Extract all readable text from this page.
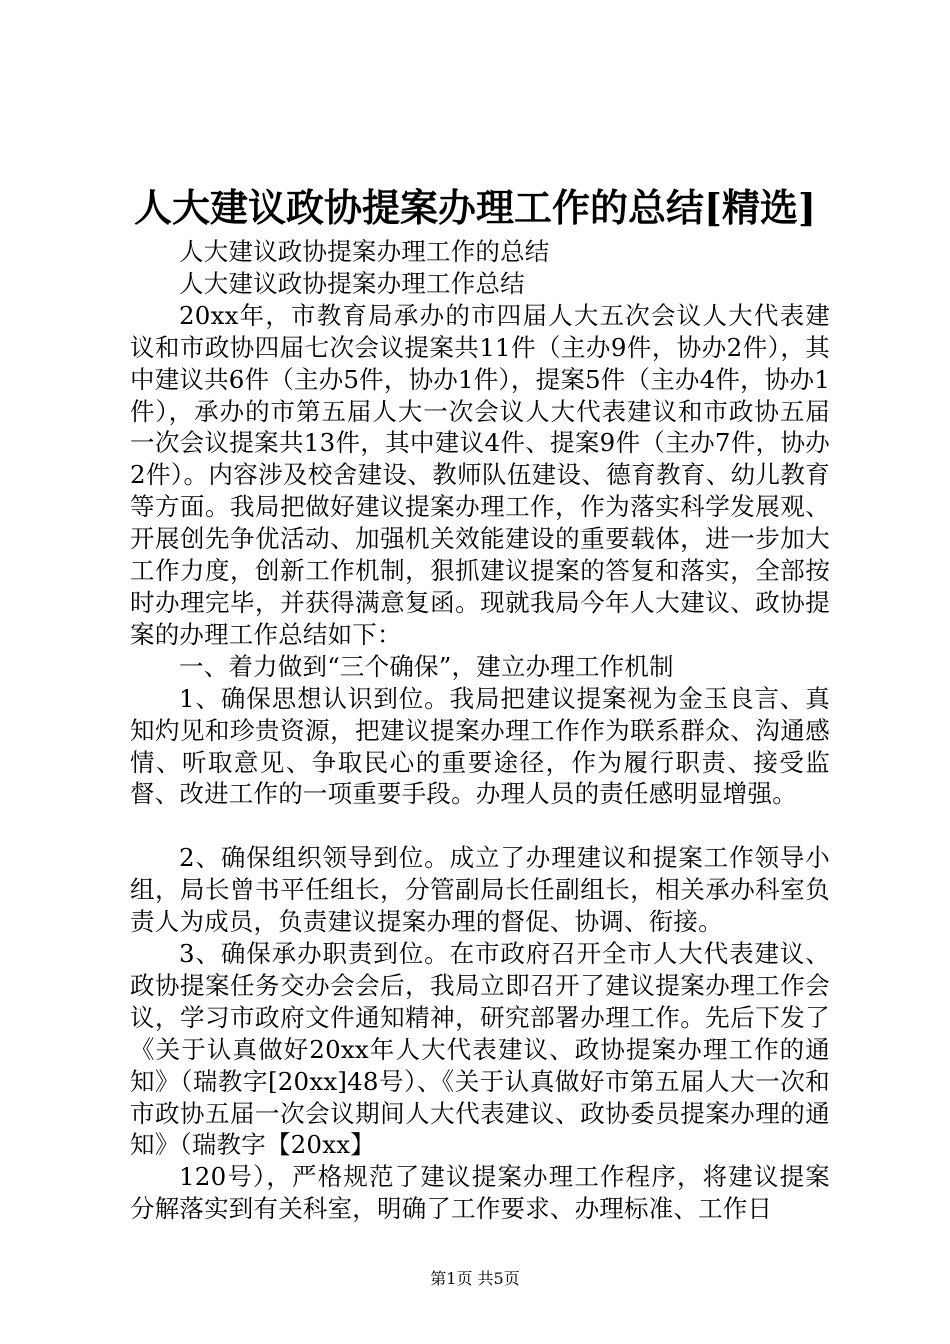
人大建议政协提案办理工作的总结[精选]

人大建议政协提案办理工作的总结

人大建议政协提案办理工作总结

20xx年，市教育局承办的市四届人大五次会议人大代表建议和市政协四届七次会议提案共11件（主办9件，协办2件），其中建议共6件（主办5件，协办1件），提案5件（主办4件，协办1件），承办的市第五届人大一次会议人大代表建议和市政协五届一次会议提案共13件，其中建议4件、提案9件（主办7件，协办2件）。内容涉及校舍建设、教师队伍建设、德育教育、幼儿教育等方面。我局把做好建议提案办理工作，作为落实科学发展观、开展创先争优活动、加强机关效能建设的重要载体，进一步加大工作力度，创新工作机制，狠抓建议提案的答复和落实，全部按时办理完毕，并获得满意复函。现就我局今年人大建议、政协提案的办理工作总结如下：

一、着力做到“三个确保”，建立办理工作机制

1、确保思想认识到位。我局把建议提案视为金玉良言、真知灼见和珍贵资源，把建议提案办理工作作为联系群众、沟通感情、听取意见、争取民心的重要途径，作为履行职责、接受监督、改进工作的一项重要手段。办理人员的责任感明显增强。

2、确保组织领导到位。成立了办理建议和提案工作领导小组，局长曾书平任组长，分管副局长任副组长，相关承办科室负责人为成员，负责建议提案办理的督促、协调、衔接。

3、确保承办职责到位。在市政府召开全市人大代表建议、政协提案任务交办会会后，我局立即召开了建议提案办理工作会议，学习市政府文件通知精神，研究部署办理工作。先后下发了《关于认真做好20xx年人大代表建议、政协提案办理工作的通知》（瑞教字[20xx]48号）、《关于认真做好市第五届人大一次和市政协五届一次会议期间人大代表建议、政协委员提案办理的通知》（瑞教字【20xx】

120号），严格规范了建议提案办理工作程序，将建议提案分解落实到有关科室，明确了工作要求、办理标准、工作日

第1页 共5页
